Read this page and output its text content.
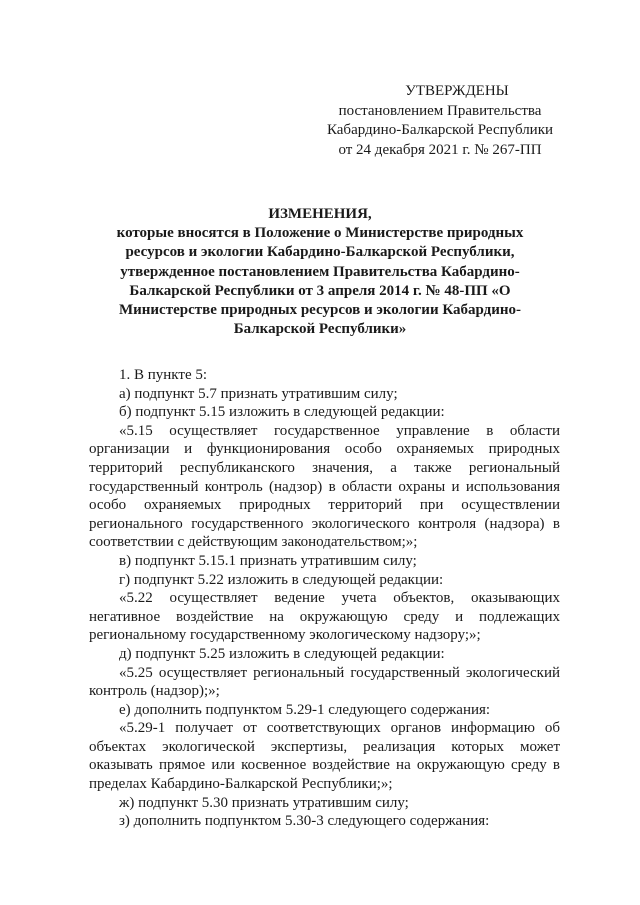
УТВЕРЖДЕНЫ
постановлением Правительства
Кабардино-Балкарской Республики
от 24 декабря 2021 г. № 267-ПП
ИЗМЕНЕНИЯ,
которые вносятся в Положение о Министерстве природных ресурсов и экологии Кабардино-Балкарской Республики, утвержденное постановлением Правительства Кабардино-Балкарской Республики от 3 апреля 2014 г. № 48-ПП «О Министерстве природных ресурсов и экологии Кабардино-Балкарской Республики»

1. В пункте 5:

а) подпункт 5.7 признать утратившим силу;

б) подпункт 5.15 изложить в следующей редакции:

«5.15 осуществляет государственное управление в области организации и функционирования особо охраняемых природных территорий республиканского значения, а также региональный государственный контроль (надзор) в области охраны и использования особо охраняемых природных территорий при осуществлении регионального государственного экологического контроля (надзора) в соответствии с действующим законодательством;»;

в) подпункт 5.15.1 признать утратившим силу;

г) подпункт 5.22 изложить в следующей редакции:

«5.22 осуществляет ведение учета объектов, оказывающих негативное воздействие на окружающую среду и подлежащих региональному государственному экологическому надзору;»;

д) подпункт 5.25 изложить в следующей редакции:

«5.25 осуществляет региональный государственный экологический контроль (надзор);»;

е) дополнить подпунктом 5.29-1 следующего содержания:

«5.29-1 получает от соответствующих органов информацию об объектах экологической экспертизы, реализация которых может оказывать прямое или косвенное воздействие на окружающую среду в пределах Кабардино-Балкарской Республики;»;

ж) подпункт 5.30 признать утратившим силу;

з) дополнить подпунктом 5.30-3 следующего содержания:
